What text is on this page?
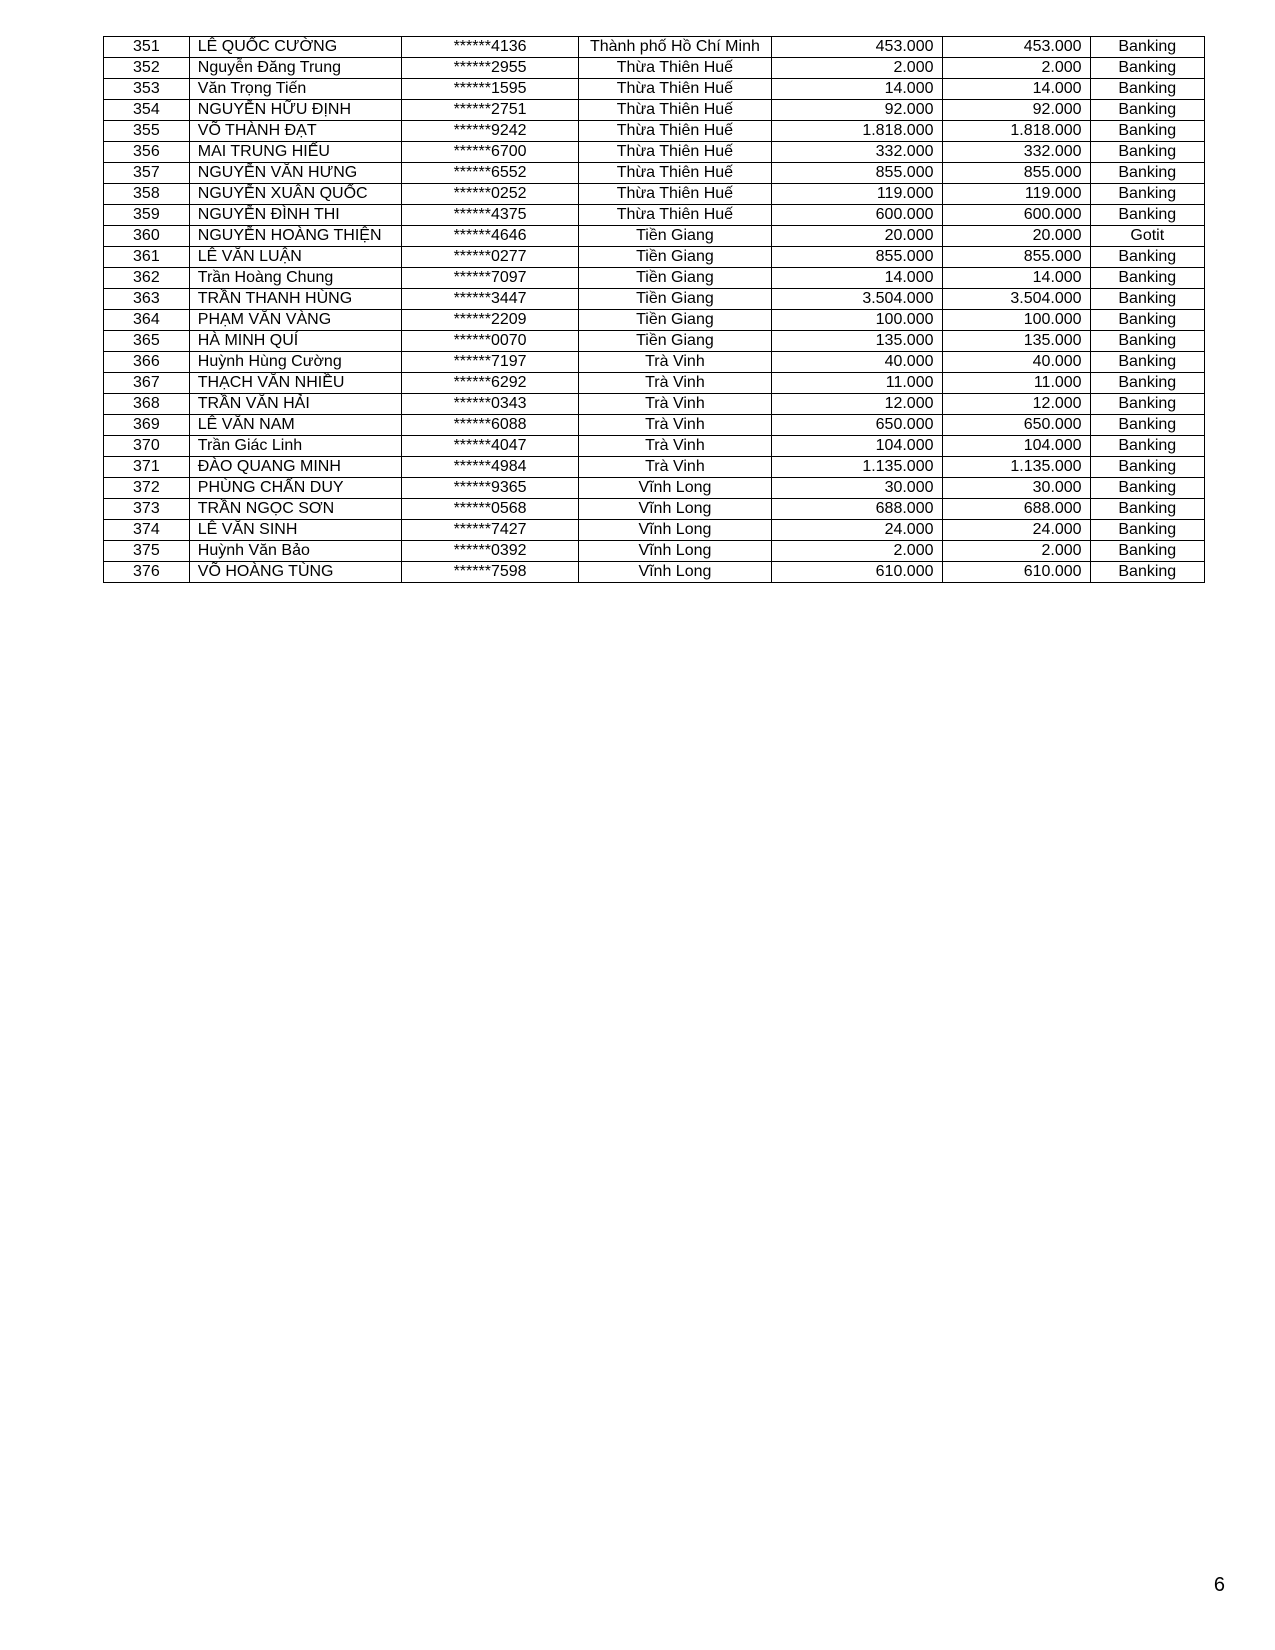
351	LÊ QUỐC CƯỜNG	******4136	Thành phố Hồ Chí Minh	453.000	453.000	Banking
352	Nguyễn Đăng Trung	******2955	Thừa Thiên Huế	2.000	2.000	Banking
353	Văn Trọng Tiến	******1595	Thừa Thiên Huế	14.000	14.000	Banking
354	NGUYỄN HỮU ĐỊNH	******2751	Thừa Thiên Huế	92.000	92.000	Banking
355	VÕ THÀNH ĐẠT	******9242	Thừa Thiên Huế	1.818.000	1.818.000	Banking
356	MAI TRUNG HIẾU	******6700	Thừa Thiên Huế	332.000	332.000	Banking
357	NGUYỄN VĂN HƯNG	******6552	Thừa Thiên Huế	855.000	855.000	Banking
358	NGUYỄN XUÂN QUỐC	******0252	Thừa Thiên Huế	119.000	119.000	Banking
359	NGUYỄN ĐÌNH THI	******4375	Thừa Thiên Huế	600.000	600.000	Banking
360	NGUYỄN HOÀNG THIỆN	******4646	Tiền Giang	20.000	20.000	Gotit
361	LÊ VĂN LUẬN	******0277	Tiền Giang	855.000	855.000	Banking
362	Trần Hoàng Chung	******7097	Tiền Giang	14.000	14.000	Banking
363	TRẦN THANH HÙNG	******3447	Tiền Giang	3.504.000	3.504.000	Banking
364	PHẠM VĂN VÀNG	******2209	Tiền Giang	100.000	100.000	Banking
365	HÀ MINH QUÍ	******0070	Tiền Giang	135.000	135.000	Banking
366	Huỳnh Hùng Cường	******7197	Trà Vinh	40.000	40.000	Banking
367	THẠCH VĂN NHIỀU	******6292	Trà Vinh	11.000	11.000	Banking
368	TRẦN VĂN HẢI	******0343	Trà Vinh	12.000	12.000	Banking
369	LÊ VĂN NAM	******6088	Trà Vinh	650.000	650.000	Banking
370	Trần Giác Linh	******4047	Trà Vinh	104.000	104.000	Banking
371	ĐÀO QUANG MINH	******4984	Trà Vinh	1.135.000	1.135.000	Banking
372	PHÙNG CHẤN DUY	******9365	Vĩnh Long	30.000	30.000	Banking
373	TRẦN NGỌC SƠN	******0568	Vĩnh Long	688.000	688.000	Banking
374	LÊ VĂN SINH	******7427	Vĩnh Long	24.000	24.000	Banking
375	Huỳnh Văn Bảo	******0392	Vĩnh Long	2.000	2.000	Banking
376	VÕ HOÀNG TÙNG	******7598	Vĩnh Long	610.000	610.000	Banking
6
